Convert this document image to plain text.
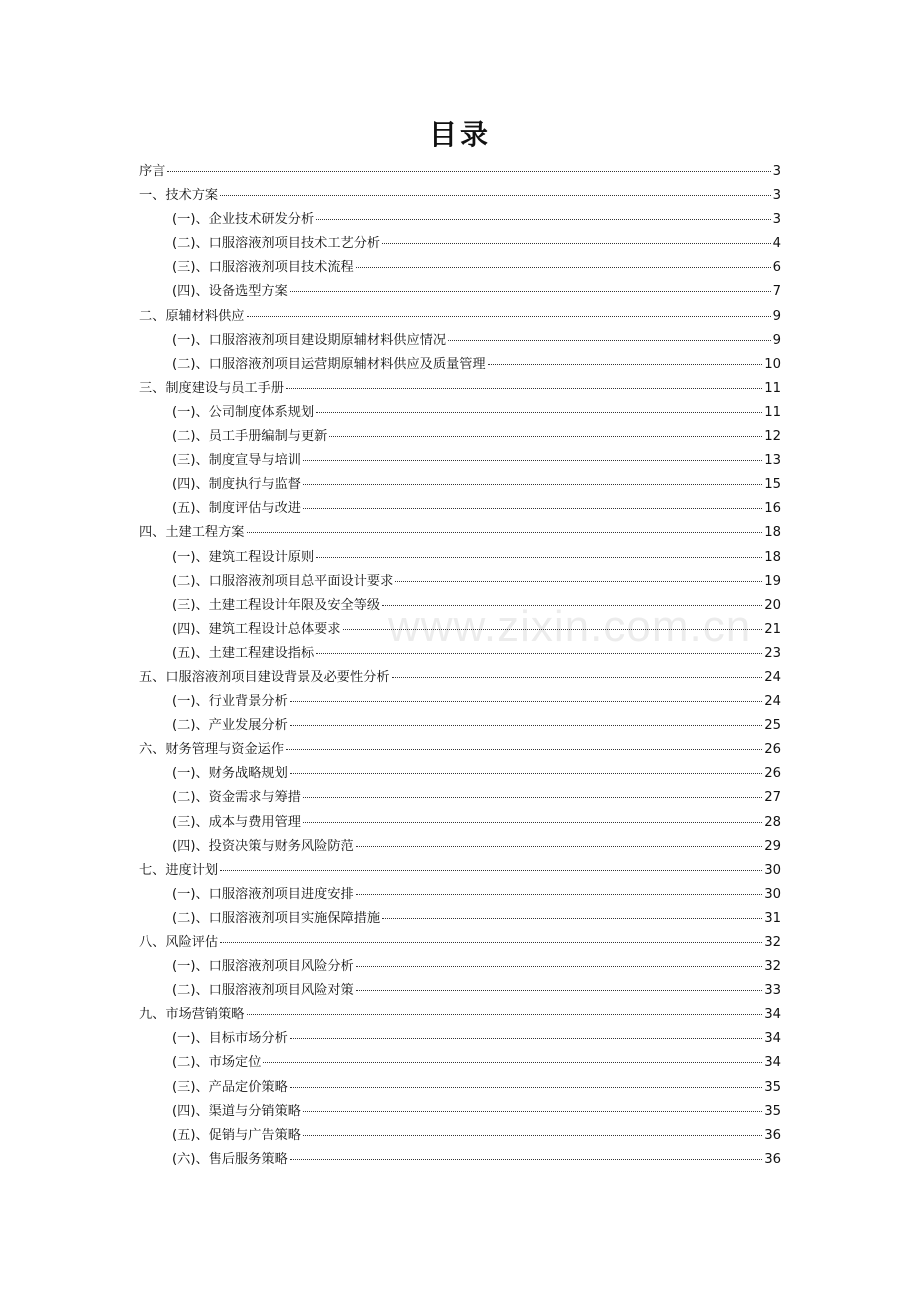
目录
序言	3
一、技术方案	3
(一)、企业技术研发分析	3
(二)、口服溶液剂项目技术工艺分析	4
(三)、口服溶液剂项目技术流程	6
(四)、设备选型方案	7
二、原辅材料供应	9
(一)、口服溶液剂项目建设期原辅材料供应情况	9
(二)、口服溶液剂项目运营期原辅材料供应及质量管理	10
三、制度建设与员工手册	11
(一)、公司制度体系规划	11
(二)、员工手册编制与更新	12
(三)、制度宣导与培训	13
(四)、制度执行与监督	15
(五)、制度评估与改进	16
四、土建工程方案	18
(一)、建筑工程设计原则	18
(二)、口服溶液剂项目总平面设计要求	19
(三)、土建工程设计年限及安全等级	20
(四)、建筑工程设计总体要求	21
(五)、土建工程建设指标	23
五、口服溶液剂项目建设背景及必要性分析	24
(一)、行业背景分析	24
(二)、产业发展分析	25
六、财务管理与资金运作	26
(一)、财务战略规划	26
(二)、资金需求与筹措	27
(三)、成本与费用管理	28
(四)、投资决策与财务风险防范	29
七、进度计划	30
(一)、口服溶液剂项目进度安排	30
(二)、口服溶液剂项目实施保障措施	31
八、风险评估	32
(一)、口服溶液剂项目风险分析	32
(二)、口服溶液剂项目风险对策	33
九、市场营销策略	34
(一)、目标市场分析	34
(二)、市场定位	34
(三)、产品定价策略	35
(四)、渠道与分销策略	35
(五)、促销与广告策略	36
(六)、售后服务策略	36
www.zixin.com.cn
